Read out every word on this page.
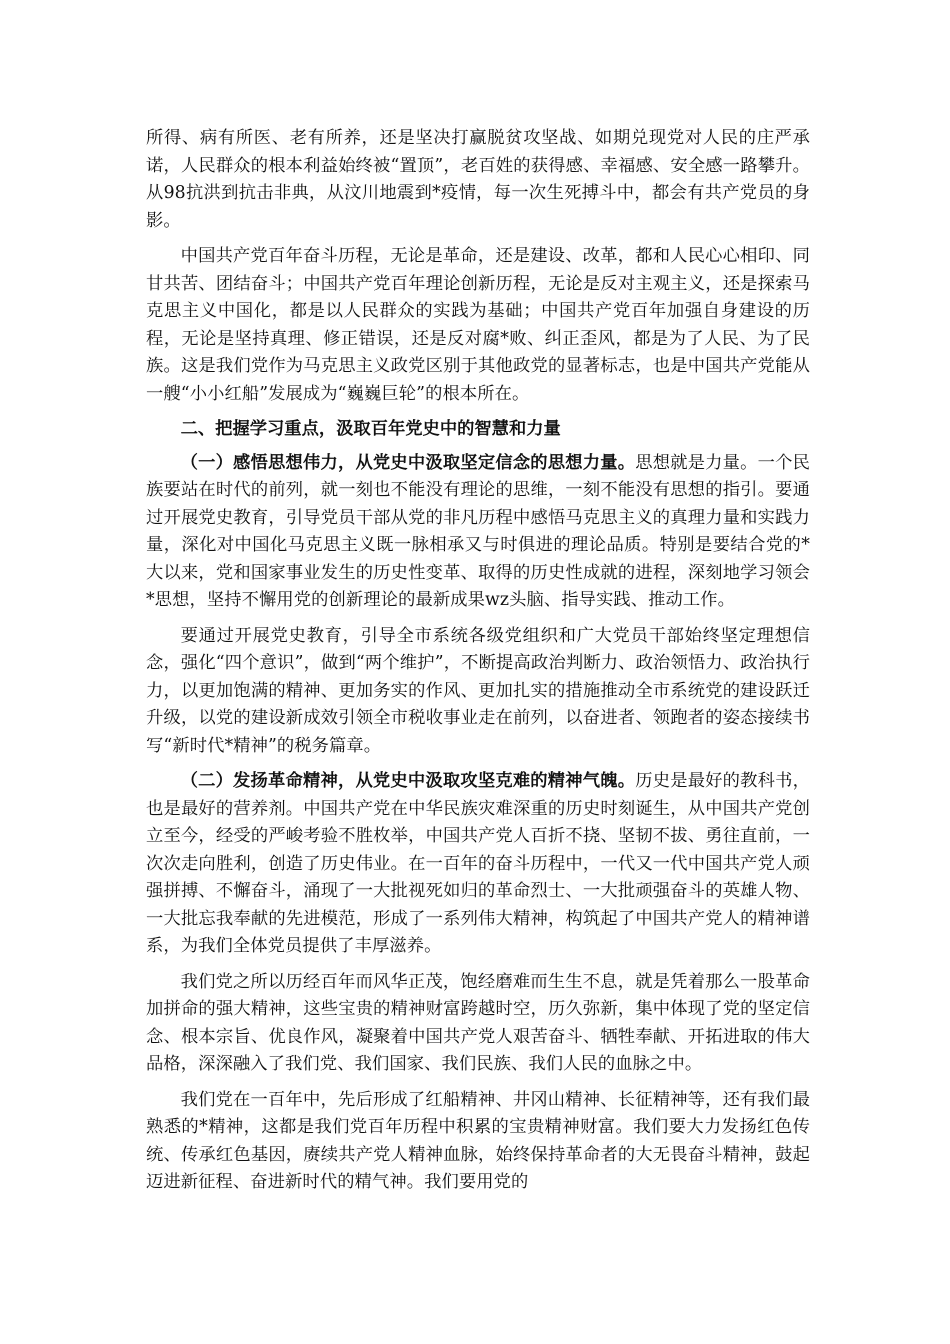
所得、病有所医、老有所养，还是坚决打赢脱贫攻坚战、如期兑现党对人民的庄严承诺，人民群众的根本利益始终被“置顶”，老百姓的获得感、幸福感、安全感一路攀升。从98抗洪到抗击非典，从汶川地震到*疫情，每一次生死搏斗中，都会有共产党员的身影。

中国共产党百年奋斗历程，无论是革命，还是建设、改革，都和人民心心相印、同甘共苦、团结奋斗；中国共产党百年理论创新历程，无论是反对主观主义，还是探索马克思主义中国化，都是以人民群众的实践为基础；中国共产党百年加强自身建设的历程，无论是坚持真理、修正错误，还是反对腐*败、纠正歪风，都是为了人民、为了民族。这是我们党作为马克思主义政党区别于其他政党的显著标志，也是中国共产党能从一艘“小小红船”发展成为“巍巍巨轮”的根本所在。

二、把握学习重点，汲取百年党史中的智慧和力量

（一）感悟思想伟力，从党史中汲取坚定信念的思想力量。思想就是力量。一个民族要站在时代的前列，就一刻也不能没有理论的思维，一刻不能没有思想的指引。要通过开展党史教育，引导党员干部从党的非凡历程中感悟马克思主义的真理力量和实践力量，深化对中国化马克思主义既一脉相承又与时俱进的理论品质。特别是要结合党的*大以来，党和国家事业发生的历史性变革、取得的历史性成就的进程，深刻地学习领会*思想，坚持不懈用党的创新理论的最新成果wz头脑、指导实践、推动工作。

要通过开展党史教育，引导全市系统各级党组织和广大党员干部始终坚定理想信念，强化“四个意识”，做到“两个维护”，不断提高政治判断力、政治领悟力、政治执行力，以更加饱满的精神、更加务实的作风、更加扎实的措施推动全市系统党的建设跃迁升级，以党的建设新成效引领全市税收事业走在前列，以奋进者、领跑者的姿态接续书写“新时代*精神”的税务篇章。

（二）发扬革命精神，从党史中汲取攻坚克难的精神气魄。历史是最好的教科书，也是最好的营养剂。中国共产党在中华民族灾难深重的历史时刻诞生，从中国共产党创立至今，经受的严峻考验不胜枚举，中国共产党人百折不挠、坚韧不拔、勇往直前，一次次走向胜利，创造了历史伟业。在一百年的奋斗历程中，一代又一代中国共产党人顽强拼搏、不懈奋斗，涌现了一大批视死如归的革命烈士、一大批顽强奋斗的英雄人物、一大批忘我奉献的先进模范，形成了一系列伟大精神，构筑起了中国共产党人的精神谱系，为我们全体党员提供了丰厚滋养。

我们党之所以历经百年而风华正茂，饱经磨难而生生不息，就是凭着那么一股革命加拼命的强大精神，这些宝贵的精神财富跨越时空，历久弥新，集中体现了党的坚定信念、根本宗旨、优良作风，凝聚着中国共产党人艰苦奋斗、牺牲奉献、开拓进取的伟大品格，深深融入了我们党、我们国家、我们民族、我们人民的血脉之中。

我们党在一百年中，先后形成了红船精神、井冈山精神、长征精神等，还有我们最熟悉的*精神，这都是我们党百年历程中积累的宝贵精神财富。我们要大力发扬红色传统、传承红色基因，赓续共产党人精神血脉，始终保持革命者的大无畏奋斗精神，鼓起迈进新征程、奋进新时代的精气神。我们要用党的
